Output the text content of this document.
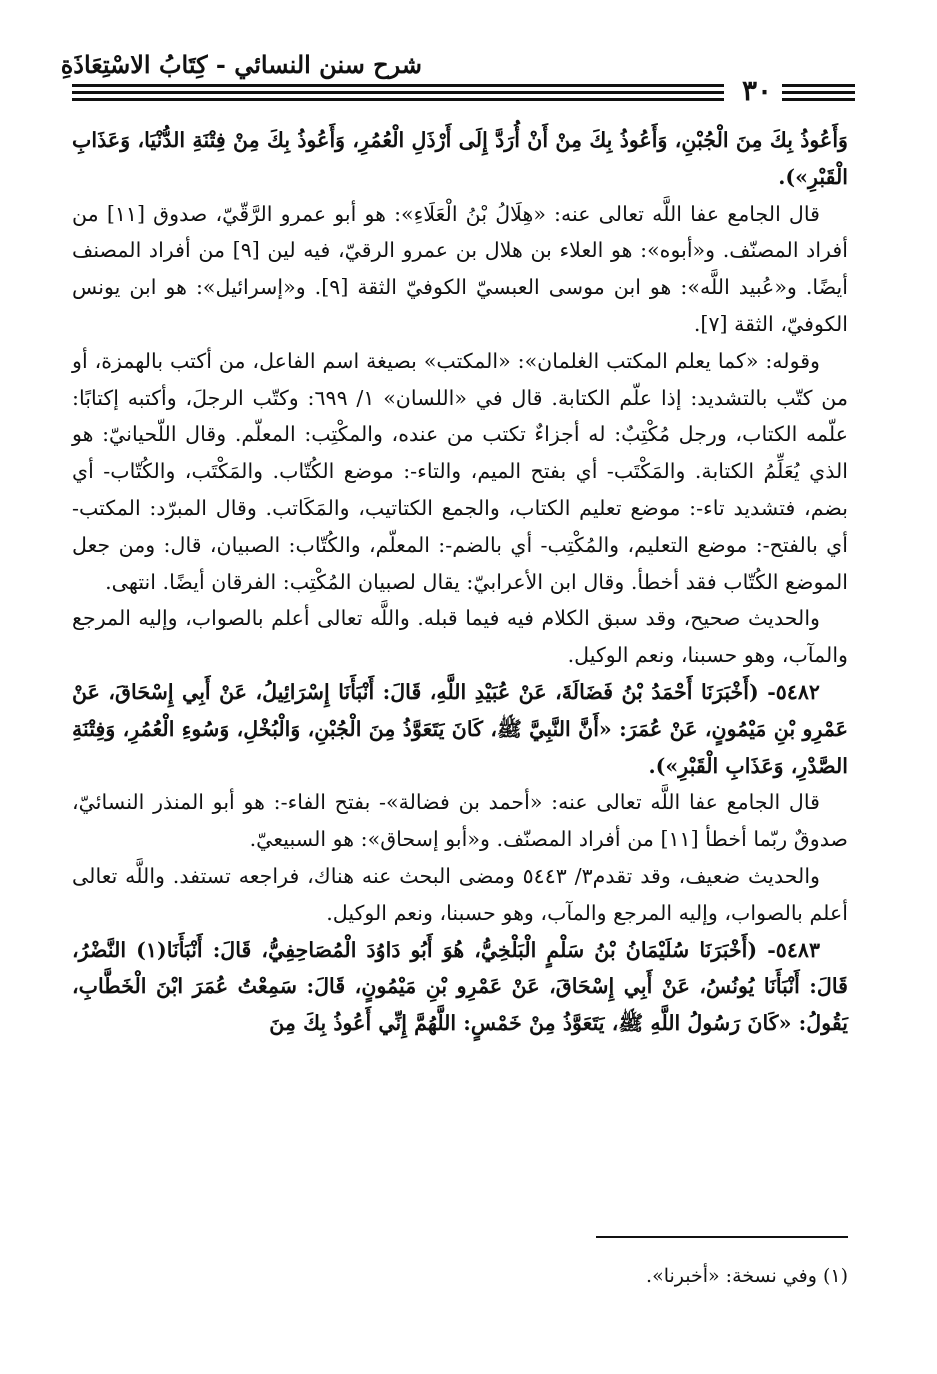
شرح سنن النسائي - كِتَابُ الاسْتِعَاذَةِ
٣٠

وَأَعُوذُ بِكَ مِنَ الْجُبْنِ، وَأَعُوذُ بِكَ مِنْ أَنْ أُرَدَّ إِلَى أَرْذَلِ الْعُمُرِ، وَأَعُوذُ بِكَ مِنْ فِتْنَةِ الدُّنْيَا، وَعَذَابِ الْقَبْرِ»).

قال الجامع عفا اللَّه تعالى عنه: «هِلَالُ بْنُ الْعَلَاءِ»: هو أبو عمرو الرَّقّيّ، صدوق [١١] من أفراد المصنّف. و«أبوه»: هو العلاء بن هلال بن عمرو الرقيّ، فيه لين [٩] من أفراد المصنف أيضًا. و«عُبيد اللَّه»: هو ابن موسى العبسيّ الكوفيّ الثقة [٩]. و«إسرائيل»: هو ابن يونس الكوفيّ، الثقة [٧].

وقوله: «كما يعلم المكتب الغلمان»: «المكتب» بصيغة اسم الفاعل، من أكتب بالهمزة، أو من كتّب بالتشديد: إذا علّم الكتابة. قال في «اللسان» ١/ ٦٩٩: وكتّب الرجلَ، وأكتبه إكتابًا: علّمه الكتاب، ورجل مُكْتِبٌ: له أجزاءٌ تكتب من عنده، والمكْتِب: المعلّم. وقال اللّحيانيّ: هو الذي يُعَلِّمُ الكتابة. والمَكْتَب- أي بفتح الميم، والتاء-: موضع الكُتّاب. والمَكْتَب، والكُتّاب- أي بضم، فتشديد تاء-: موضع تعليم الكتاب، والجمع الكتاتيب، والمَكَاتب. وقال المبرّد: المكتب- أي بالفتح-: موضع التعليم، والمُكْتِب- أي بالضم-: المعلّم، والكُتّاب: الصبيان، قال: ومن جعل الموضع الكُتّاب فقد أخطأ. وقال ابن الأعرابيّ: يقال لصبيان المُكْتِب: الفرقان أيضًا. انتهى.

والحديث صحيح، وقد سبق الكلام فيه فيما قبله. واللَّه تعالى أعلم بالصواب، وإليه المرجع والمآب، وهو حسبنا، ونعم الوكيل.

٥٤٨٢- (أَخْبَرَنَا أَحْمَدُ بْنُ فَضَالَةَ، عَنْ عُبَيْدِ اللَّهِ، قَالَ: أَنْبَأَنَا إِسْرَائِيلُ، عَنْ أَبِي إِسْحَاقَ، عَنْ عَمْرِو بْنِ مَيْمُونٍ، عَنْ عُمَرَ: «أَنَّ النَّبِيَّ ﷺ، كَانَ يَتَعَوَّذُ مِنَ الْجُبْنِ، وَالْبُخْلِ، وَسُوءِ الْعُمُرِ، وَفِتْنَةِ الصَّدْرِ، وَعَذَابِ الْقَبْرِ»).

قال الجامع عفا اللَّه تعالى عنه: «أحمد بن فضالة»- بفتح الفاء-: هو أبو المنذر النسائيّ، صدوقٌ ربّما أخطأ [١١] من أفراد المصنّف. و«أبو إسحاق»: هو السبيعيّ.

والحديث ضعيف، وقد تقدم٣/ ٥٤٤٣ ومضى البحث عنه هناك، فراجعه تستفد. واللَّه تعالى أعلم بالصواب، وإليه المرجع والمآب، وهو حسبنا، ونعم الوكيل.

٥٤٨٣- (أَخْبَرَنَا سُلَيْمَانُ بْنُ سَلْمٍ الْبَلْخِيُّ، هُوَ أَبُو دَاوُدَ الْمُصَاحِفِيُّ، قَالَ: أَنْبَأَنَا(١) النَّضْرُ، قَالَ: أَنْبَأَنَا يُونُسُ، عَنْ أَبِي إِسْحَاقَ، عَنْ عَمْرِو بْنِ مَيْمُونٍ، قَالَ: سَمِعْتُ عُمَرَ ابْنَ الْخَطَّابِ، يَقُولُ: «كَانَ رَسُولُ اللَّهِ ﷺ، يَتَعَوَّذُ مِنْ خَمْسٍ: اللَّهُمَّ إِنِّي أَعُوذُ بِكَ مِنَ

(١) وفي نسخة: «أخبرنا».
